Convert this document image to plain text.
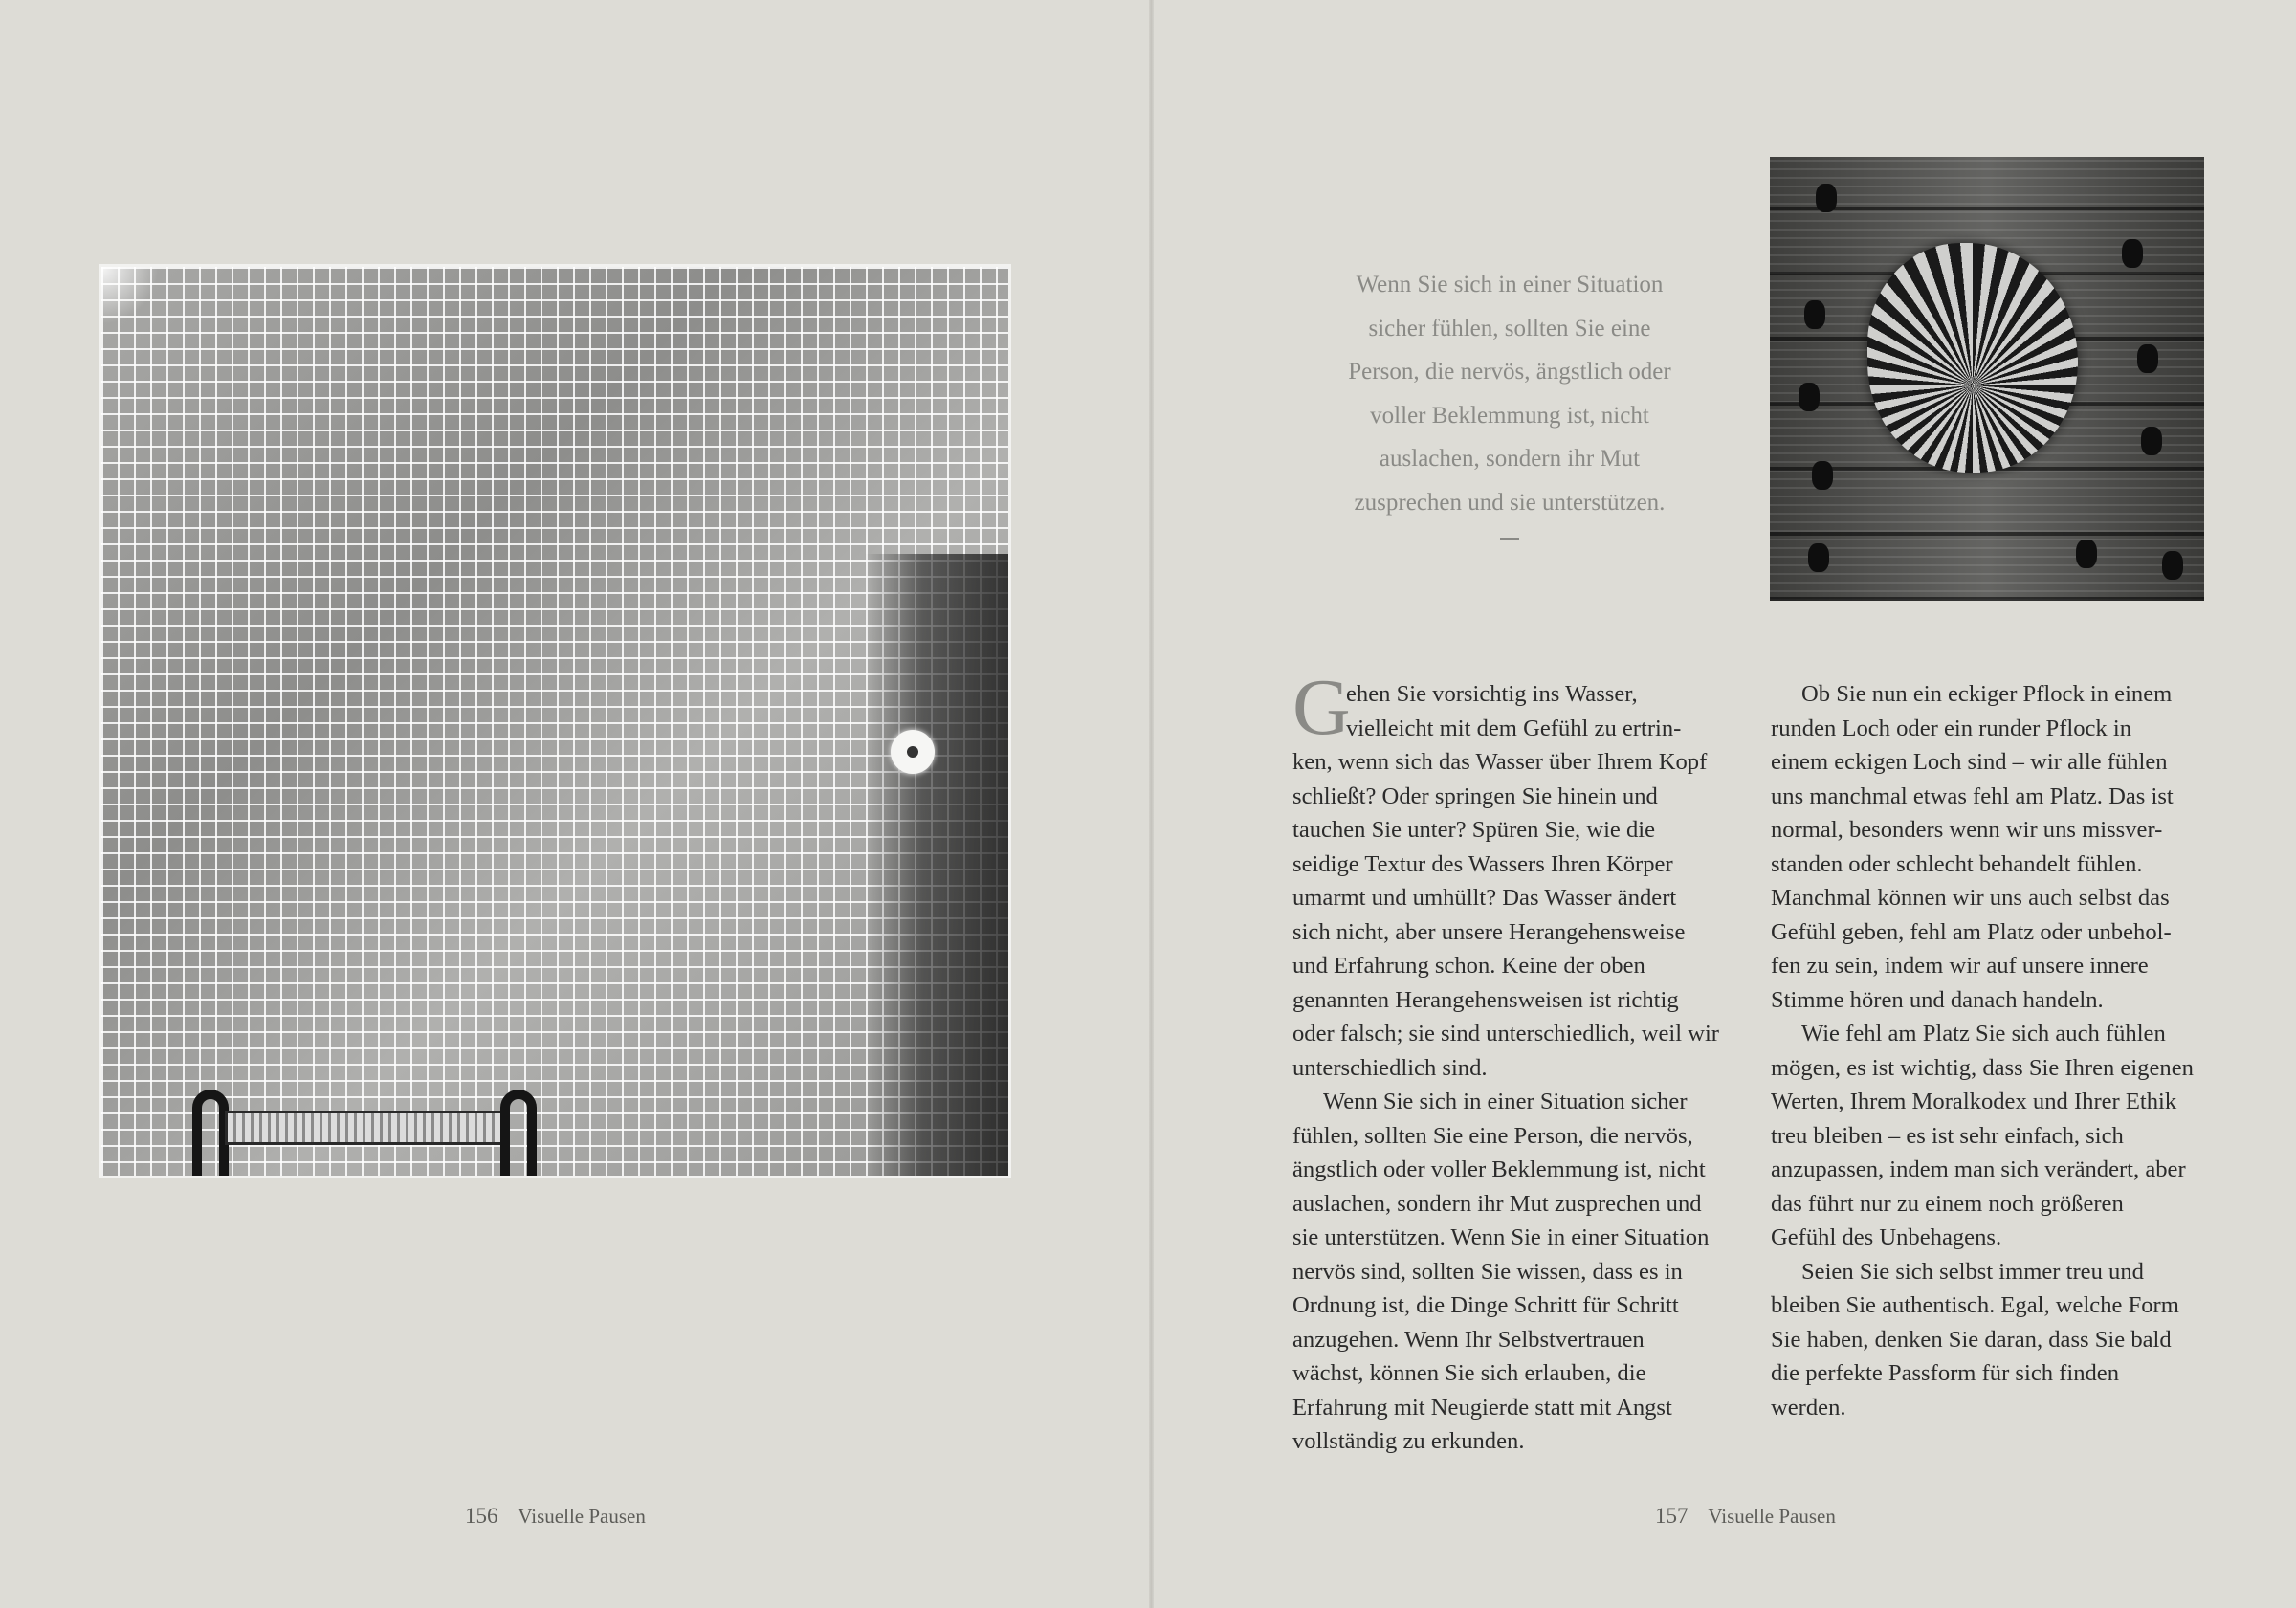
156 Visuelle Pausen
Wenn Sie sich in einer Situation
sicher fühlen, sollten Sie eine
Person, die nervös, ängstlich oder
voller Beklemmung ist, nicht
auslachen, sondern ihr Mut
zusprechen und sie unterstützen.
G
ehen Sie vorsichtig ins Wasser,
vielleicht mit dem Gefühl zu ertrin-
ken, wenn sich das Wasser über Ihrem Kopf
schließt? Oder springen Sie hinein und
tauchen Sie unter? Spüren Sie, wie die
seidige Textur des Wassers Ihren Körper
umarmt und umhüllt? Das Wasser ändert
sich nicht, aber unsere Herangehensweise
und Erfahrung schon. Keine der oben
genannten Herangehensweisen ist richtig
oder falsch; sie sind unterschiedlich, weil wir
unterschiedlich sind.
Wenn Sie sich in einer Situation sicher
fühlen, sollten Sie eine Person, die nervös,
ängstlich oder voller Beklemmung ist, nicht
auslachen, sondern ihr Mut zusprechen und
sie unterstützen. Wenn Sie in einer Situation
nervös sind, sollten Sie wissen, dass es in
Ordnung ist, die Dinge Schritt für Schritt
anzugehen. Wenn Ihr Selbstvertrauen
wächst, können Sie sich erlauben, die
Erfahrung mit Neugierde statt mit Angst
vollständig zu erkunden.
Ob Sie nun ein eckiger Pflock in einem
runden Loch oder ein runder Pflock in
einem eckigen Loch sind – wir alle fühlen
uns manchmal etwas fehl am Platz. Das ist
normal, besonders wenn wir uns missver-
standen oder schlecht behandelt fühlen.
Manchmal können wir uns auch selbst das
Gefühl geben, fehl am Platz oder unbehol-
fen zu sein, indem wir auf unsere innere
Stimme hören und danach handeln.
Wie fehl am Platz Sie sich auch fühlen
mögen, es ist wichtig, dass Sie Ihren eigenen
Werten, Ihrem Moralkodex und Ihrer Ethik
treu bleiben – es ist sehr einfach, sich
anzupassen, indem man sich verändert, aber
das führt nur zu einem noch größeren
Gefühl des Unbehagens.
Seien Sie sich selbst immer treu und
bleiben Sie authentisch. Egal, welche Form
Sie haben, denken Sie daran, dass Sie bald
die perfekte Passform für sich finden
werden.
157 Visuelle Pausen
